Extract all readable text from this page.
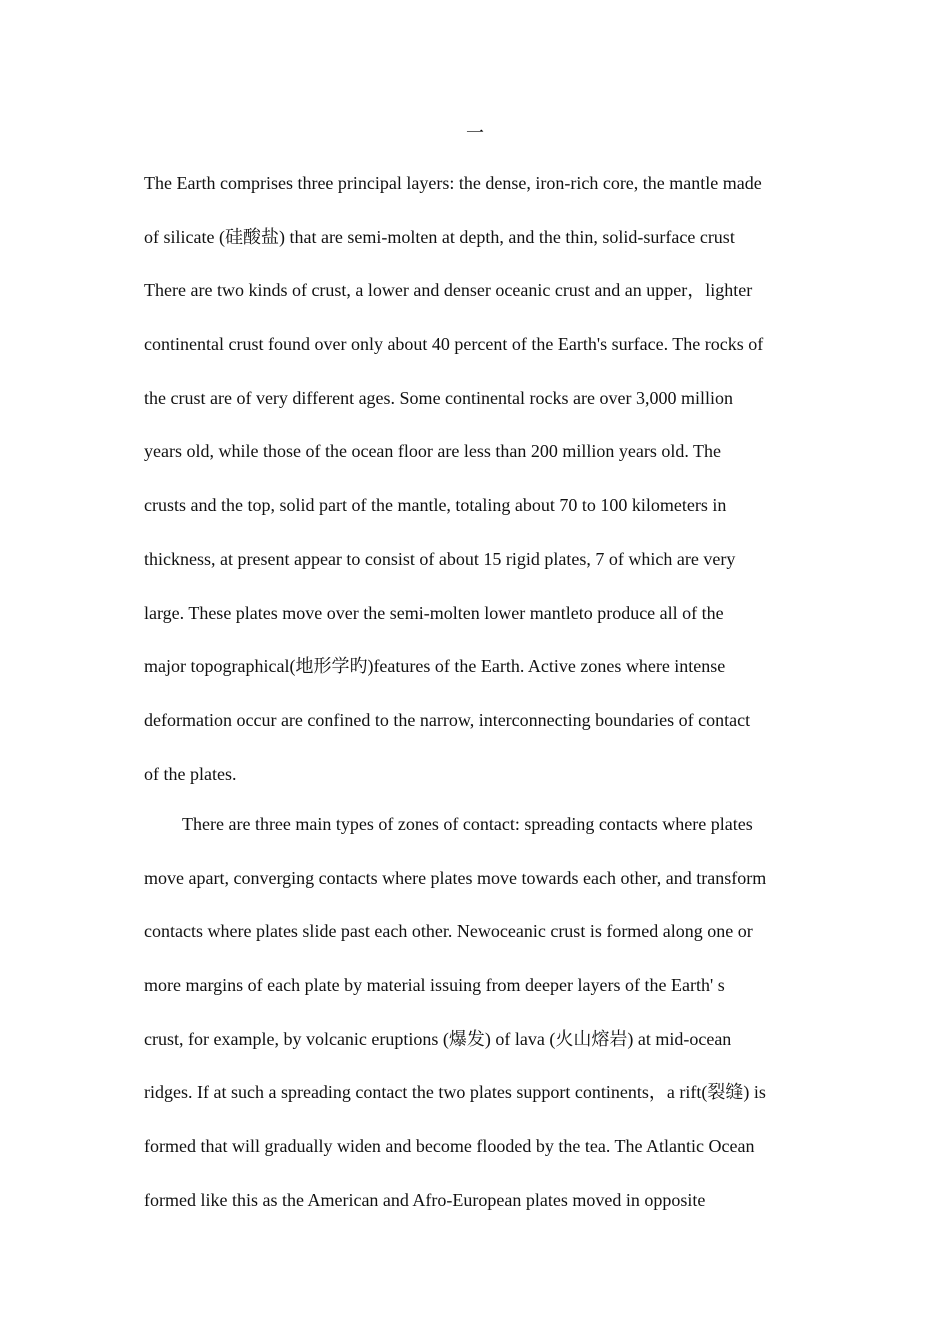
一
The Earth comprises three principal layers: the dense, iron-rich core, the mantle made
of silicate (硅酸盐) that are semi-molten at depth, and the thin, solid-surface crust
There are two kinds of crust, a lower and denser oceanic crust and an upper，lighter
continental crust found over only about 40 percent of the Earth's surface. The rocks of
the crust are of very different ages. Some continental rocks are over 3,000 million
years old, while those of the ocean floor are less than 200 million years old. The
crusts and the top, solid part of the mantle, totaling about 70 to 100 kilometers in
thickness, at present appear to consist of about 15 rigid plates, 7 of which are very
large. These plates move over the semi-molten lower mantleto produce all of the
major topographical(地形学旳)features of the Earth. Active zones where intense
deformation occur are confined to the narrow, interconnecting boundaries of contact
of the plates.
There are three main types of zones of contact: spreading contacts where plates
move apart, converging contacts where plates move towards each other, and transform
contacts where plates slide past each other. Newoceanic crust is formed along one or
more margins of each plate by material issuing from deeper layers of the Earth' s
crust, for example, by volcanic eruptions (爆发) of lava (火山熔岩) at mid-ocean
ridges. If at such a spreading contact the two plates support continents，a rift(裂缝) is
formed that will gradually widen and become flooded by the tea. The Atlantic Ocean
formed like this as the American and Afro-European plates moved in opposite
